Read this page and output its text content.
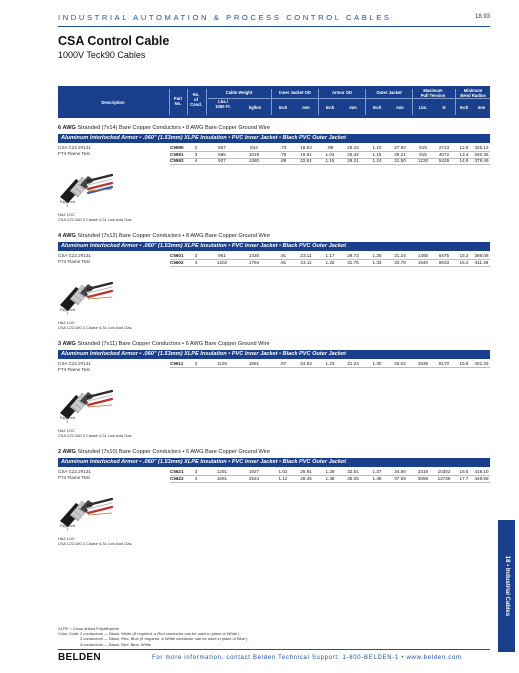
INDUSTRIAL AUTOMATION & PROCESS CONTROL CABLES	18.93
CSA Control Cable
1000V Teck90 Cables
Description
Part
No.
No.
of
Cond.
Cable Weight
Lbs./
1000 Ft.	kg/km
Inner Jacket OD
Inch	mm
Armor OD
Inch	mm
Outer Jacket
Inch	mm
Maximum
Pull Tension
Lbs.	N
Minimum
Bend Radius
Inch	mm
6 AWG Stranded (7x14) Bare Copper Conductors • 8 AWG Bare Copper Ground Wire
Aluminum Interlocked Armor • .060" (1.53mm) XLPE Insulation • PVC Inner Jacket • Black PVC Outer Jacket
CSA C22.2#131
FT4 Flame Test
C5590	2	567	844	.73	18.54	.99	25.15	1.10	27.94	610	2713	12.8	325.12
C5591	3	685	1019	.78	19.81	1.04	26.42	1.15	29.21	915	4072	13.4	340.36
C5592	4	927	1380	.89	22.61	1.15	29.21	1.24	31.50	1220	5429	14.9	378.46
Rip Cord
HAZ LOC
CSA C22.2#0.3 Clause 4.31 Low Acid Gas
4 AWG Stranded (7x12) Bare Copper Conductors • 8 AWG Bare Copper Ground Wire
Aluminum Interlocked Armor • .060" (1.53mm) XLPE Insulation • PVC Inner Jacket • Black PVC Outer Jacket
CSA C22.2#131
FT4 Flame Test
C5601	3	961	1430	.91	23.11	1.17	29.72	1.25	31.24	1455	6475	15.2	386.08
C5602	4	1202	1794	.91	23.11	1.25	31.75	1.33	33.78	1940	8633	16.2	411.48
Rip Cord
HAZ LOC
CSA C22.2#0.3 Clause 4.31 Low Acid Gas
3 AWG Stranded (7x11) Bare Copper Conductors • 6 AWG Bare Copper Ground Wire
Aluminum Interlocked Armor • .060" (1.53mm) XLPE Insulation • PVC Inner Jacket • Black PVC Outer Jacket
CSA C22.2#131
FT4 Flame Test
C5611	3	1126	1681	.97	24.64	1.23	31.24	1.30	33.02	1836	8170	15.8	401.32
Rip Cord
HAZ LOC
CSA C22.2#0.3 Clause 4.31 Low Acid Gas
2 AWG Stranded (7x10) Bare Copper Conductors • 6 AWG Bare Copper Ground Wire
Aluminum Interlocked Armor • .060" (1.53mm) XLPE Insulation • PVC Inner Jacket • Black PVC Outer Jacket
CSA C22.2#131
FT4 Flame Test
C5621	3	1291	1927	1.02	25.91	1.28	32.51	1.37	34.80	2316	10302	16.5	419.10
C5622	4	1691	2524	1.12	28.45	1.38	35.05	1.48	37.59	3088	13736	17.7	449.58
Rip Cord
HAZ LOC
CSA C22.2#0.3 Clause 4.31 Low Acid Gas
XLPE = Cross-linked Polyethylene
Color Code:2 conductors — Black, White (If required, a Red conductor can be used in place of White.)
3 conductors — Black, Red, Blue (If required, a White conductor can be used in place of Blue.)
4 conductors — Black, Red, Blue, White
BELDEN	For more information, contact Belden Technical Support: 1-800-BELDEN-1 • www.belden.com
18 • Industrial Cables
